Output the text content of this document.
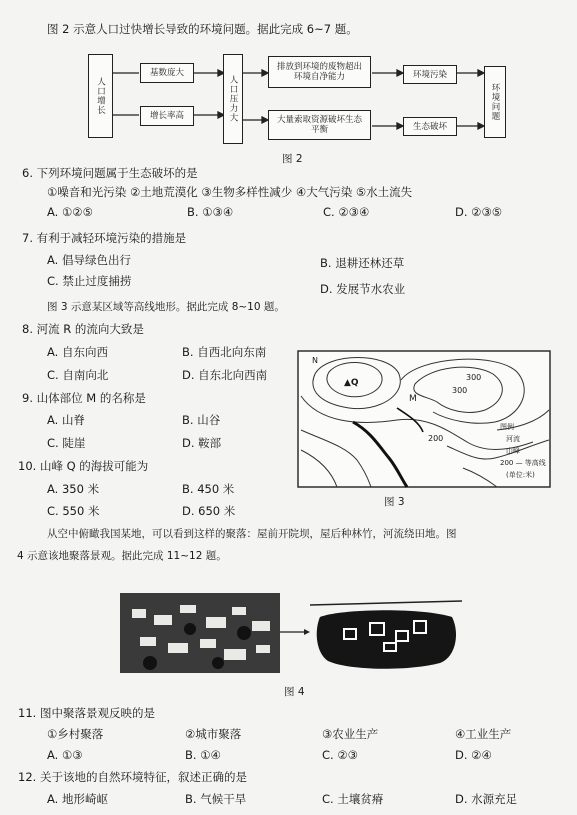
图 2 示意人口过快增长导致的环境问题。据此完成 6~7 题。
人口增长
基数庞大
增长率高	人口压力大
排放到环境的废物超出环境自净能力
大量索取资源破坏生态平衡
环境污染
生态破坏
环境问题
图 2
6. 下列环境问题属于生态破坏的是
①噪音和光污染 ②土地荒漠化 ③生物多样性减少 ④大气污染 ⑤水土流失
A. ①②⑤	B. ①③④	C. ②③④	D. ②③⑤
7. 有利于减轻环境污染的措施是
A. 倡导绿色出行	B. 退耕还林还草
C. 禁止过度捕捞
D. 发展节水农业
图 3 示意某区域等高线地形。据此完成 8~10 题。
8. 河流 R 的流向大致是
A. 自东向西	B. 自西北向东南
C. 自南向北	D. 自东北向西南
9. 山体部位 M 的名称是
A. 山脊	B. 山谷
C. 陡崖	D. 鞍部
10. 山峰 Q 的海拔可能为
A. 350 米	B. 450 米
C. 550 米	D. 650 米
N
▲Q
M
300
300
200
图例
河流
山峰
200 — 等高线
(单位:米)
图 3
从空中俯瞰我国某地，可以看到这样的聚落：屋前开院坝，屋后种林竹，河流绕田地。图
4 示意该地聚落景观。据此完成 11~12 题。
图 4
11. 图中聚落景观反映的是
①乡村聚落	②城市聚落	③农业生产	④工业生产
A. ①③	B. ①④	C. ②③	D. ②④
12. 关于该地的自然环境特征，叙述正确的是
A. 地形崎岖	B. 气候干旱	C. 土壤贫瘠	D. 水源充足
